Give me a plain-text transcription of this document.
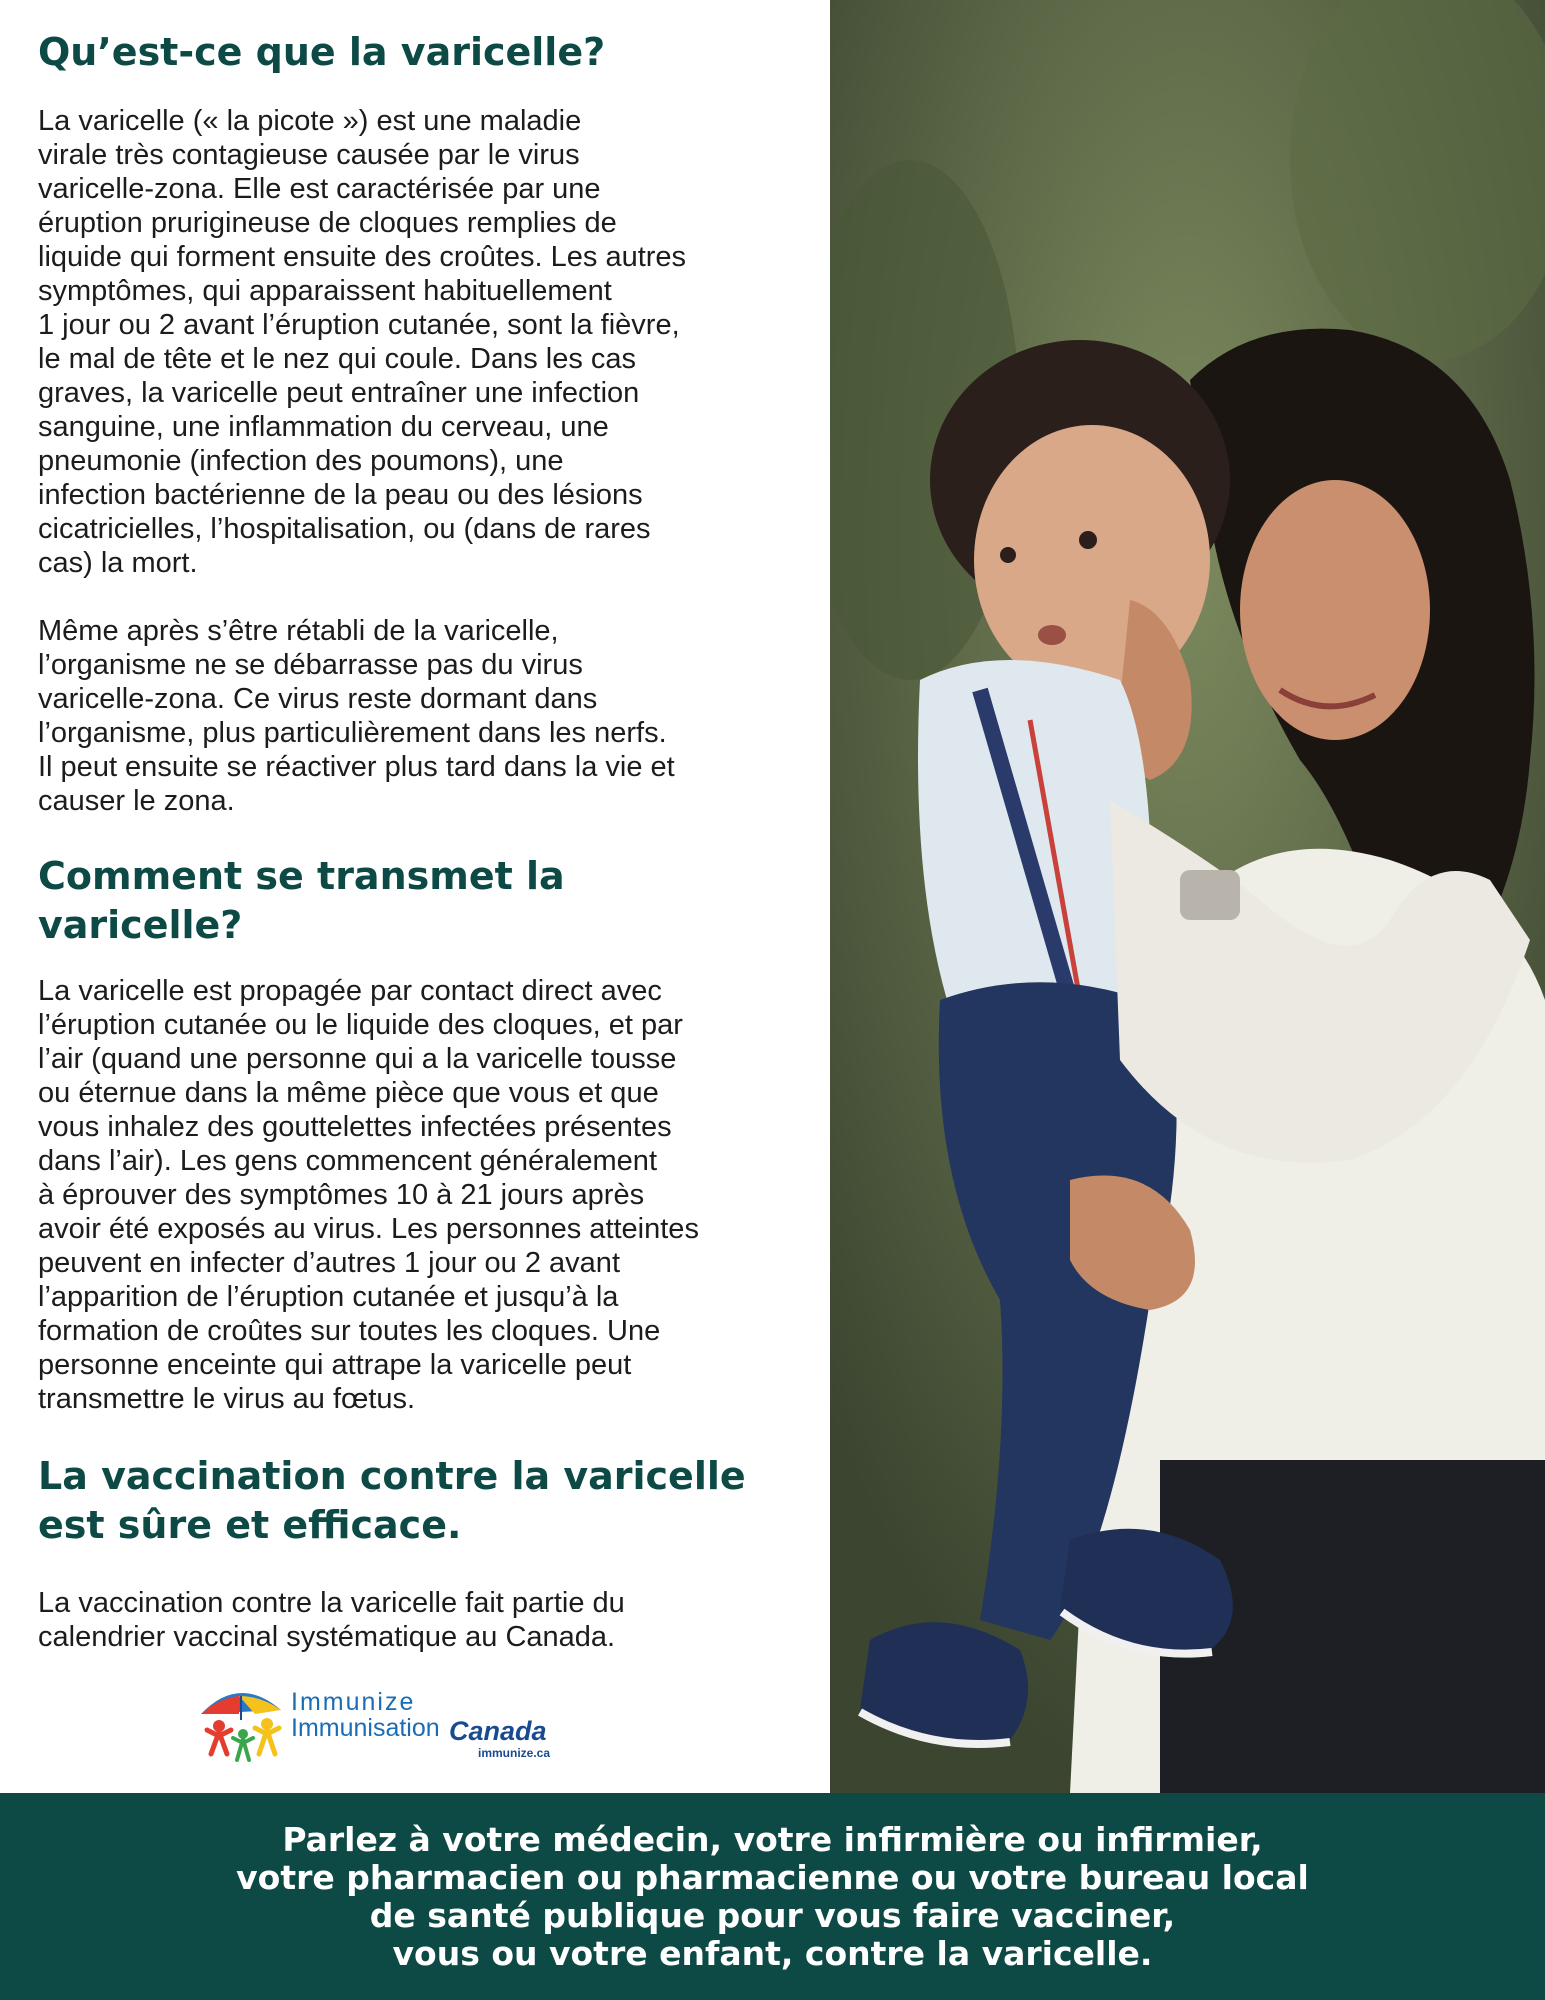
Qu’est-ce que la varicelle?

La varicelle (« la picote ») est une maladie
virale très contagieuse causée par le virus
varicelle-zona. Elle est caractérisée par une
éruption prurigineuse de cloques remplies de
liquide qui forment ensuite des croûtes. Les autres
symptômes, qui apparaissent habituellement
1 jour ou 2 avant l’éruption cutanée, sont la fièvre,
le mal de tête et le nez qui coule. Dans les cas
graves, la varicelle peut entraîner une infection
sanguine, une inflammation du cerveau, une
pneumonie (infection des poumons), une
infection bactérienne de la peau ou des lésions
cicatricielles, l’hospitalisation, ou (dans de rares
cas) la mort.

Même après s’être rétabli de la varicelle,
l’organisme ne se débarrasse pas du virus
varicelle-zona. Ce virus reste dormant dans
l’organisme, plus particulièrement dans les nerfs.
Il peut ensuite se réactiver plus tard dans la vie et
causer le zona.

Comment se transmet la
varicelle?

La varicelle est propagée par contact direct avec
l’éruption cutanée ou le liquide des cloques, et par
l’air (quand une personne qui a la varicelle tousse
ou éternue dans la même pièce que vous et que
vous inhalez des gouttelettes infectées présentes
dans l’air). Les gens commencent généralement
à éprouver des symptômes 10 à 21 jours après
avoir été exposés au virus. Les personnes atteintes
peuvent en infecter d’autres 1 jour ou 2 avant
l’apparition de l’éruption cutanée et jusqu’à la
formation de croûtes sur toutes les cloques. Une
personne enceinte qui attrape la varicelle peut
transmettre le virus au fœtus.

La vaccination contre la varicelle
est sûre et efficace.

La vaccination contre la varicelle fait partie du
calendrier vaccinal systématique au Canada.

Immunize
Immunisation Canada
immunize.ca

Parlez à votre médecin, votre infirmière ou infirmier,
votre pharmacien ou pharmacienne ou votre bureau local
de santé publique pour vous faire vacciner,
vous ou votre enfant, contre la varicelle.
